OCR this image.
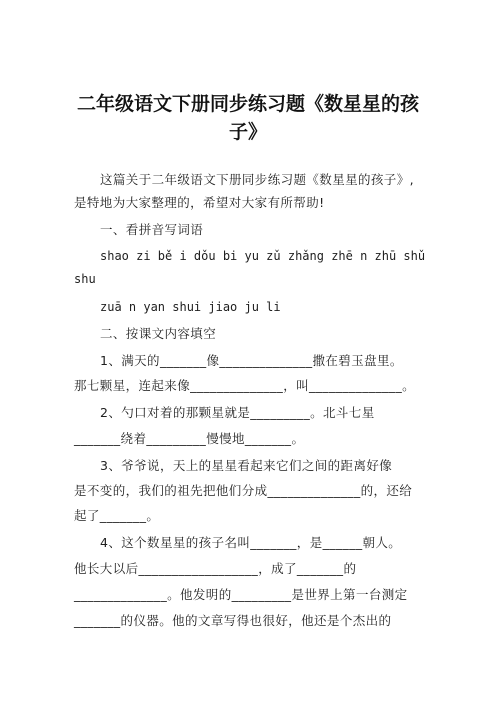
二年级语文下册同步练习题《数星星的孩
子》
这篇关于二年级语文下册同步练习题《数星星的孩子》,
是特地为大家整理的，希望对大家有所帮助!
一、看拼音写词语
shao zi bě i dǒu bi yu zǔ zhǎng zhē n zhū shǔ
shu
zuā n yan shui jiao ju li
二、按课文内容填空
1、满天的_______像______________撒在碧玉盘里。
那七颗星，连起来像______________，叫______________。
2、勺口对着的那颗星就是_________。北斗七星
_______绕着_________慢慢地_______。
3、爷爷说，天上的星星看起来它们之间的距离好像
是不变的，我们的祖先把他们分成______________的，还给
起了_______。
4、这个数星星的孩子名叫_______，是______朝人。
他长大以后__________________，成了_______的
______________。他发明的_________是世界上第一台测定
_______的仪器。他的文章写得也很好，他还是个杰出的
